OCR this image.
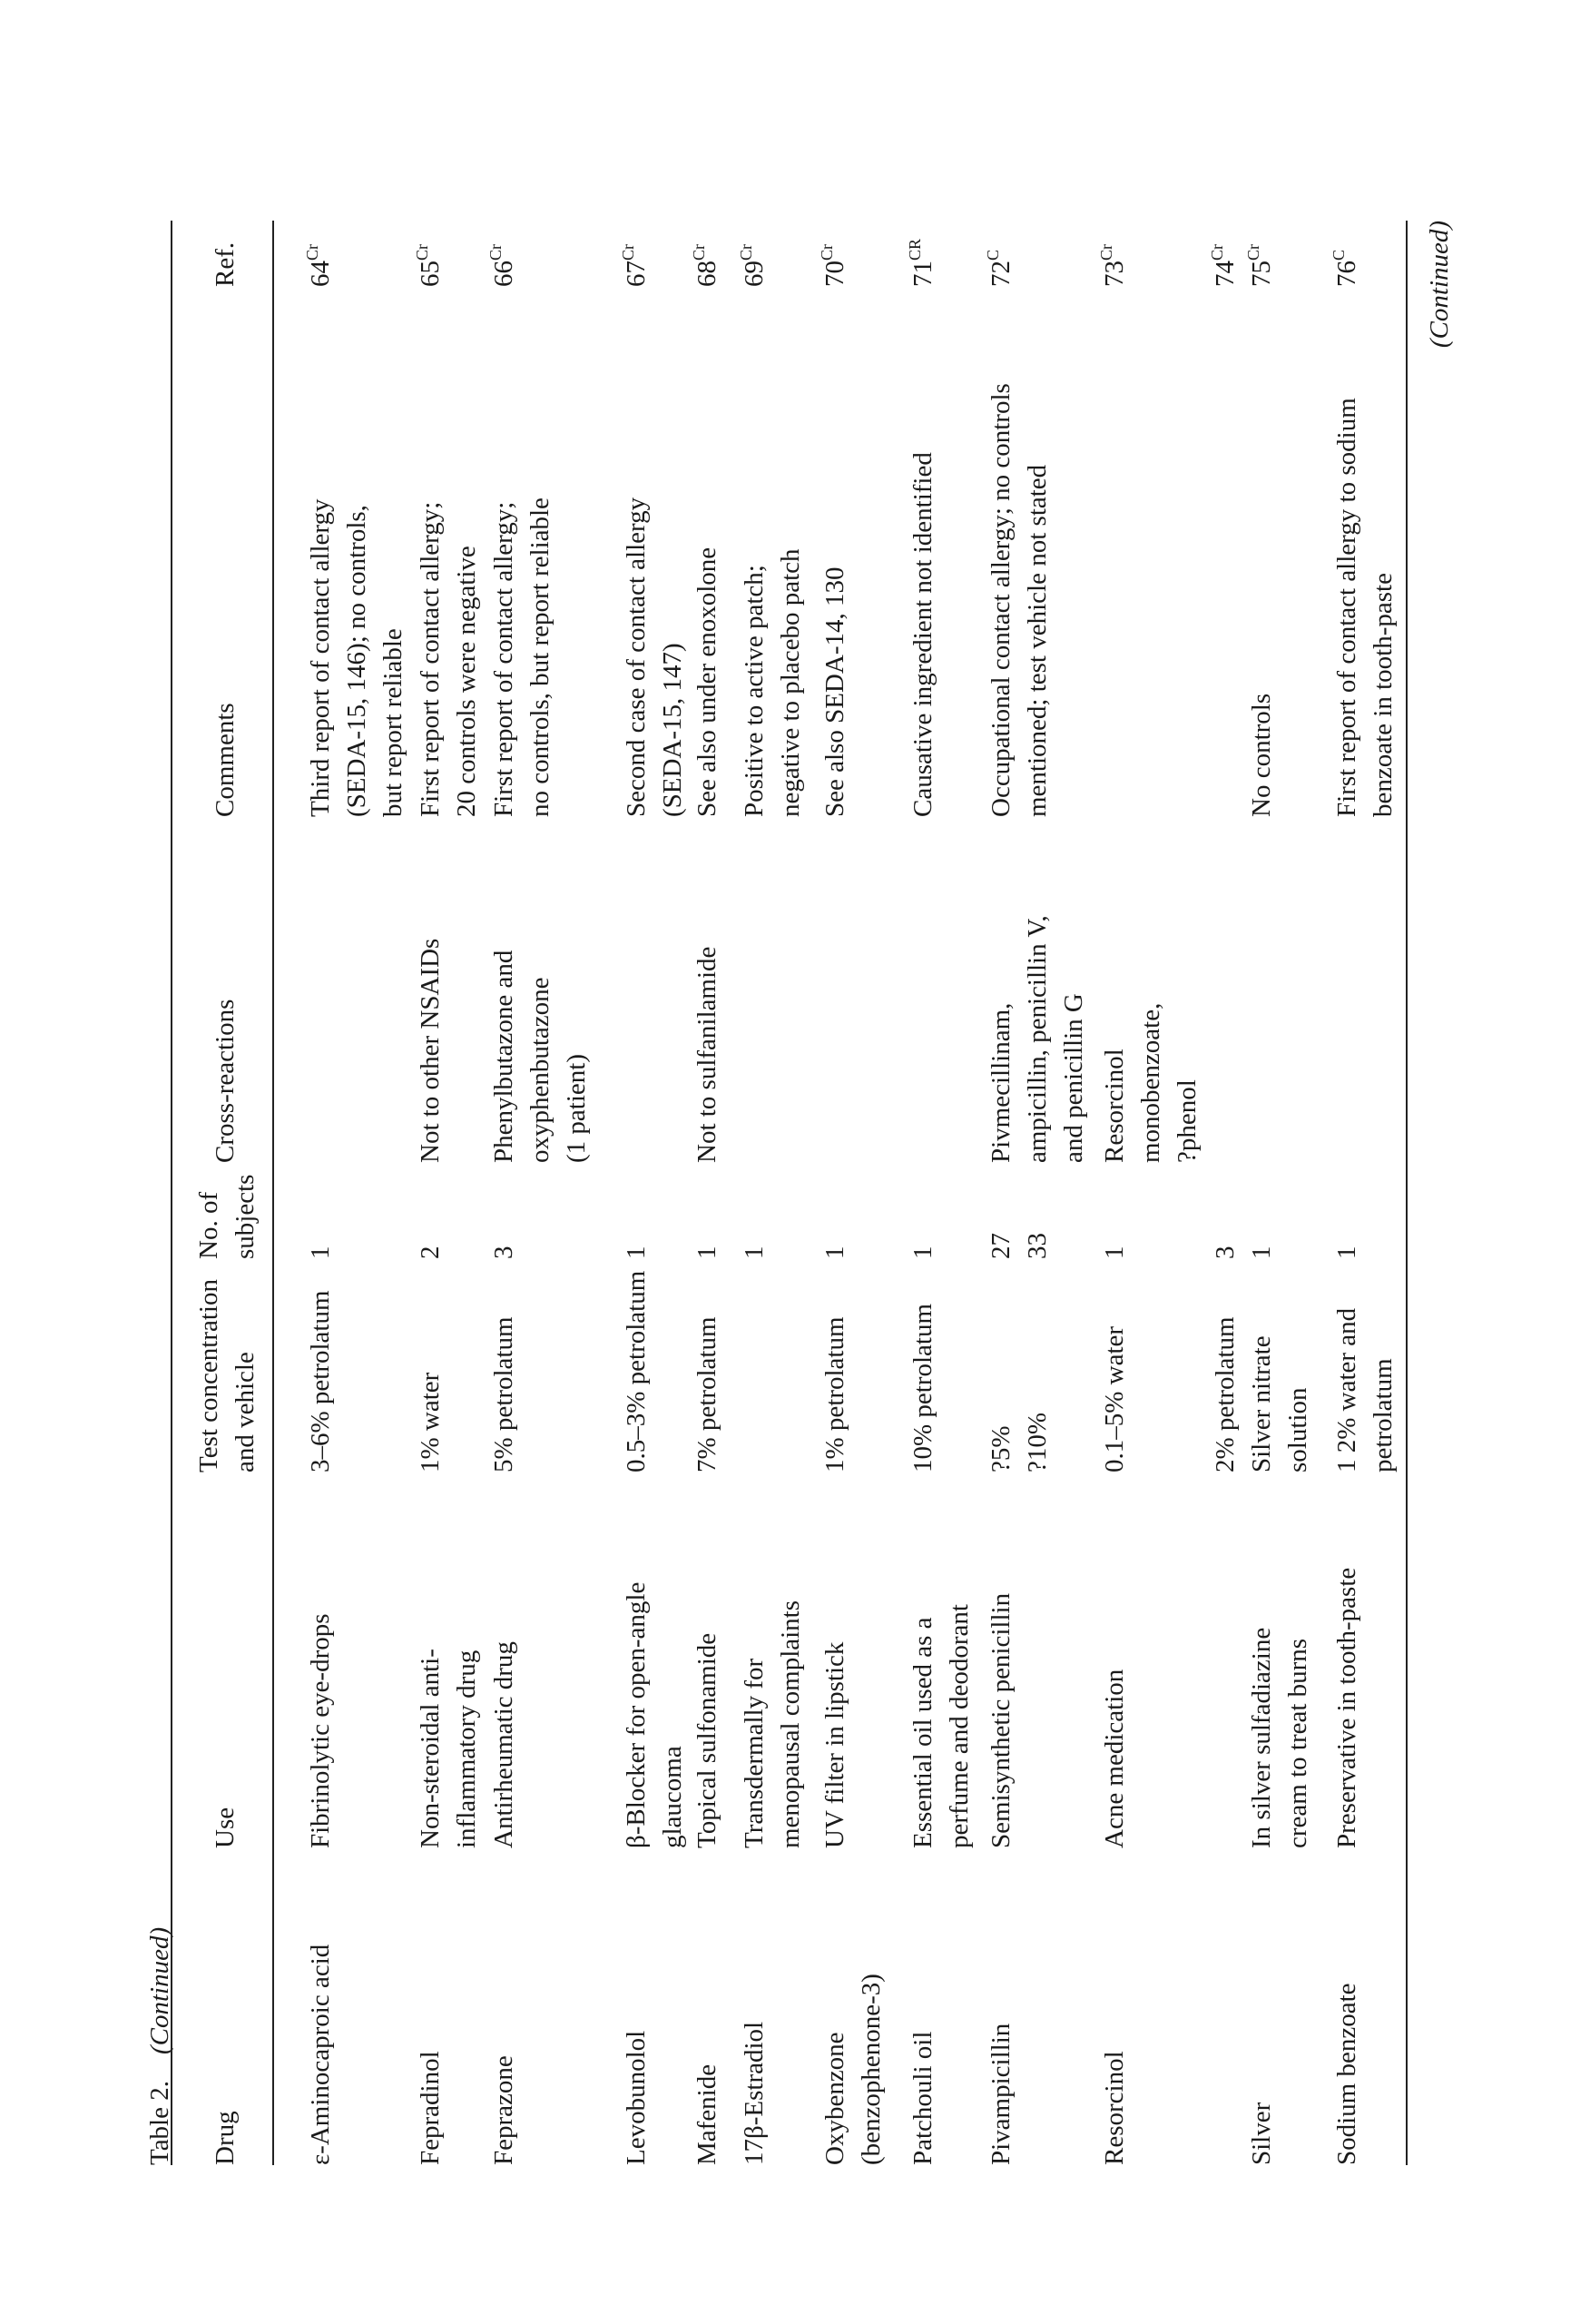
Table 2.    (Continued)

Drug
Use
Test concentration
and vehicle
No. of
subjects
Cross-reactions
Comments
Ref.
ε-Aminocaproic acid
Fibrinolytic eye-drops
3–6% petrolatum
1
Third report of contact allergy
(SEDA-15, 146); no controls,
but report reliable
$64^{Cr}$
Fepradinol
Non-steroidal anti-
inflammatory drug
1% water
2
Not to other NSAIDs
First report of contact allergy;
20 controls were negative
$65^{Cr}$
Feprazone
Antirheumatic drug
5% petrolatum
3
Phenylbutazone and
oxyphenbutazone
(1 patient)
First report of contact allergy;
no controls, but report reliable
$66^{Cr}$
Levobunolol
β-Blocker for open-angle
glaucoma
0.5–3% petrolatum
1
Second case of contact allergy
(SEDA-15, 147)
$67^{Cr}$
Mafenide
Topical sulfonamide
7% petrolatum
1
Not to sulfanilamide
See also under enoxolone
$68^{Cr}$
17β-Estradiol
Transdermally for
menopausal complaints
1
Positive to active patch;
negative to placebo patch
$69^{Cr}$
Oxybenzone
(benzophenone-3)
UV filter in lipstick
1% petrolatum
1
See also SEDA-14, 130
$70^{Cr}$
Patchouli oil
Essential oil used as a
perfume and deodorant
10% petrolatum
1
Causative ingredient not identified
$71^{CR}$
Pivampicillin
Semisynthetic penicillin
?5%
?10%
27
33
Pivmecillinam,
ampicillin, penicillin V,
and penicillin G
Occupational contact allergy; no controls
mentioned; test vehicle not stated
$72^C$
Resorcinol
Acne medication
0.1–5% water
1
Resorcinol
monobenzoate,
?phenol
$73^{Cr}$
2% petrolatum
3
$74^{Cr}$
Silver
In silver sulfadiazine
cream to treat burns
Silver nitrate
solution
1
No controls
$75^{Cr}$
Sodium benzoate
Preservative in tooth-paste
1 2% water and
petrolatum
1
First report of contact allergy to sodium
benzoate in tooth-paste
$76^C$	(Continued)
